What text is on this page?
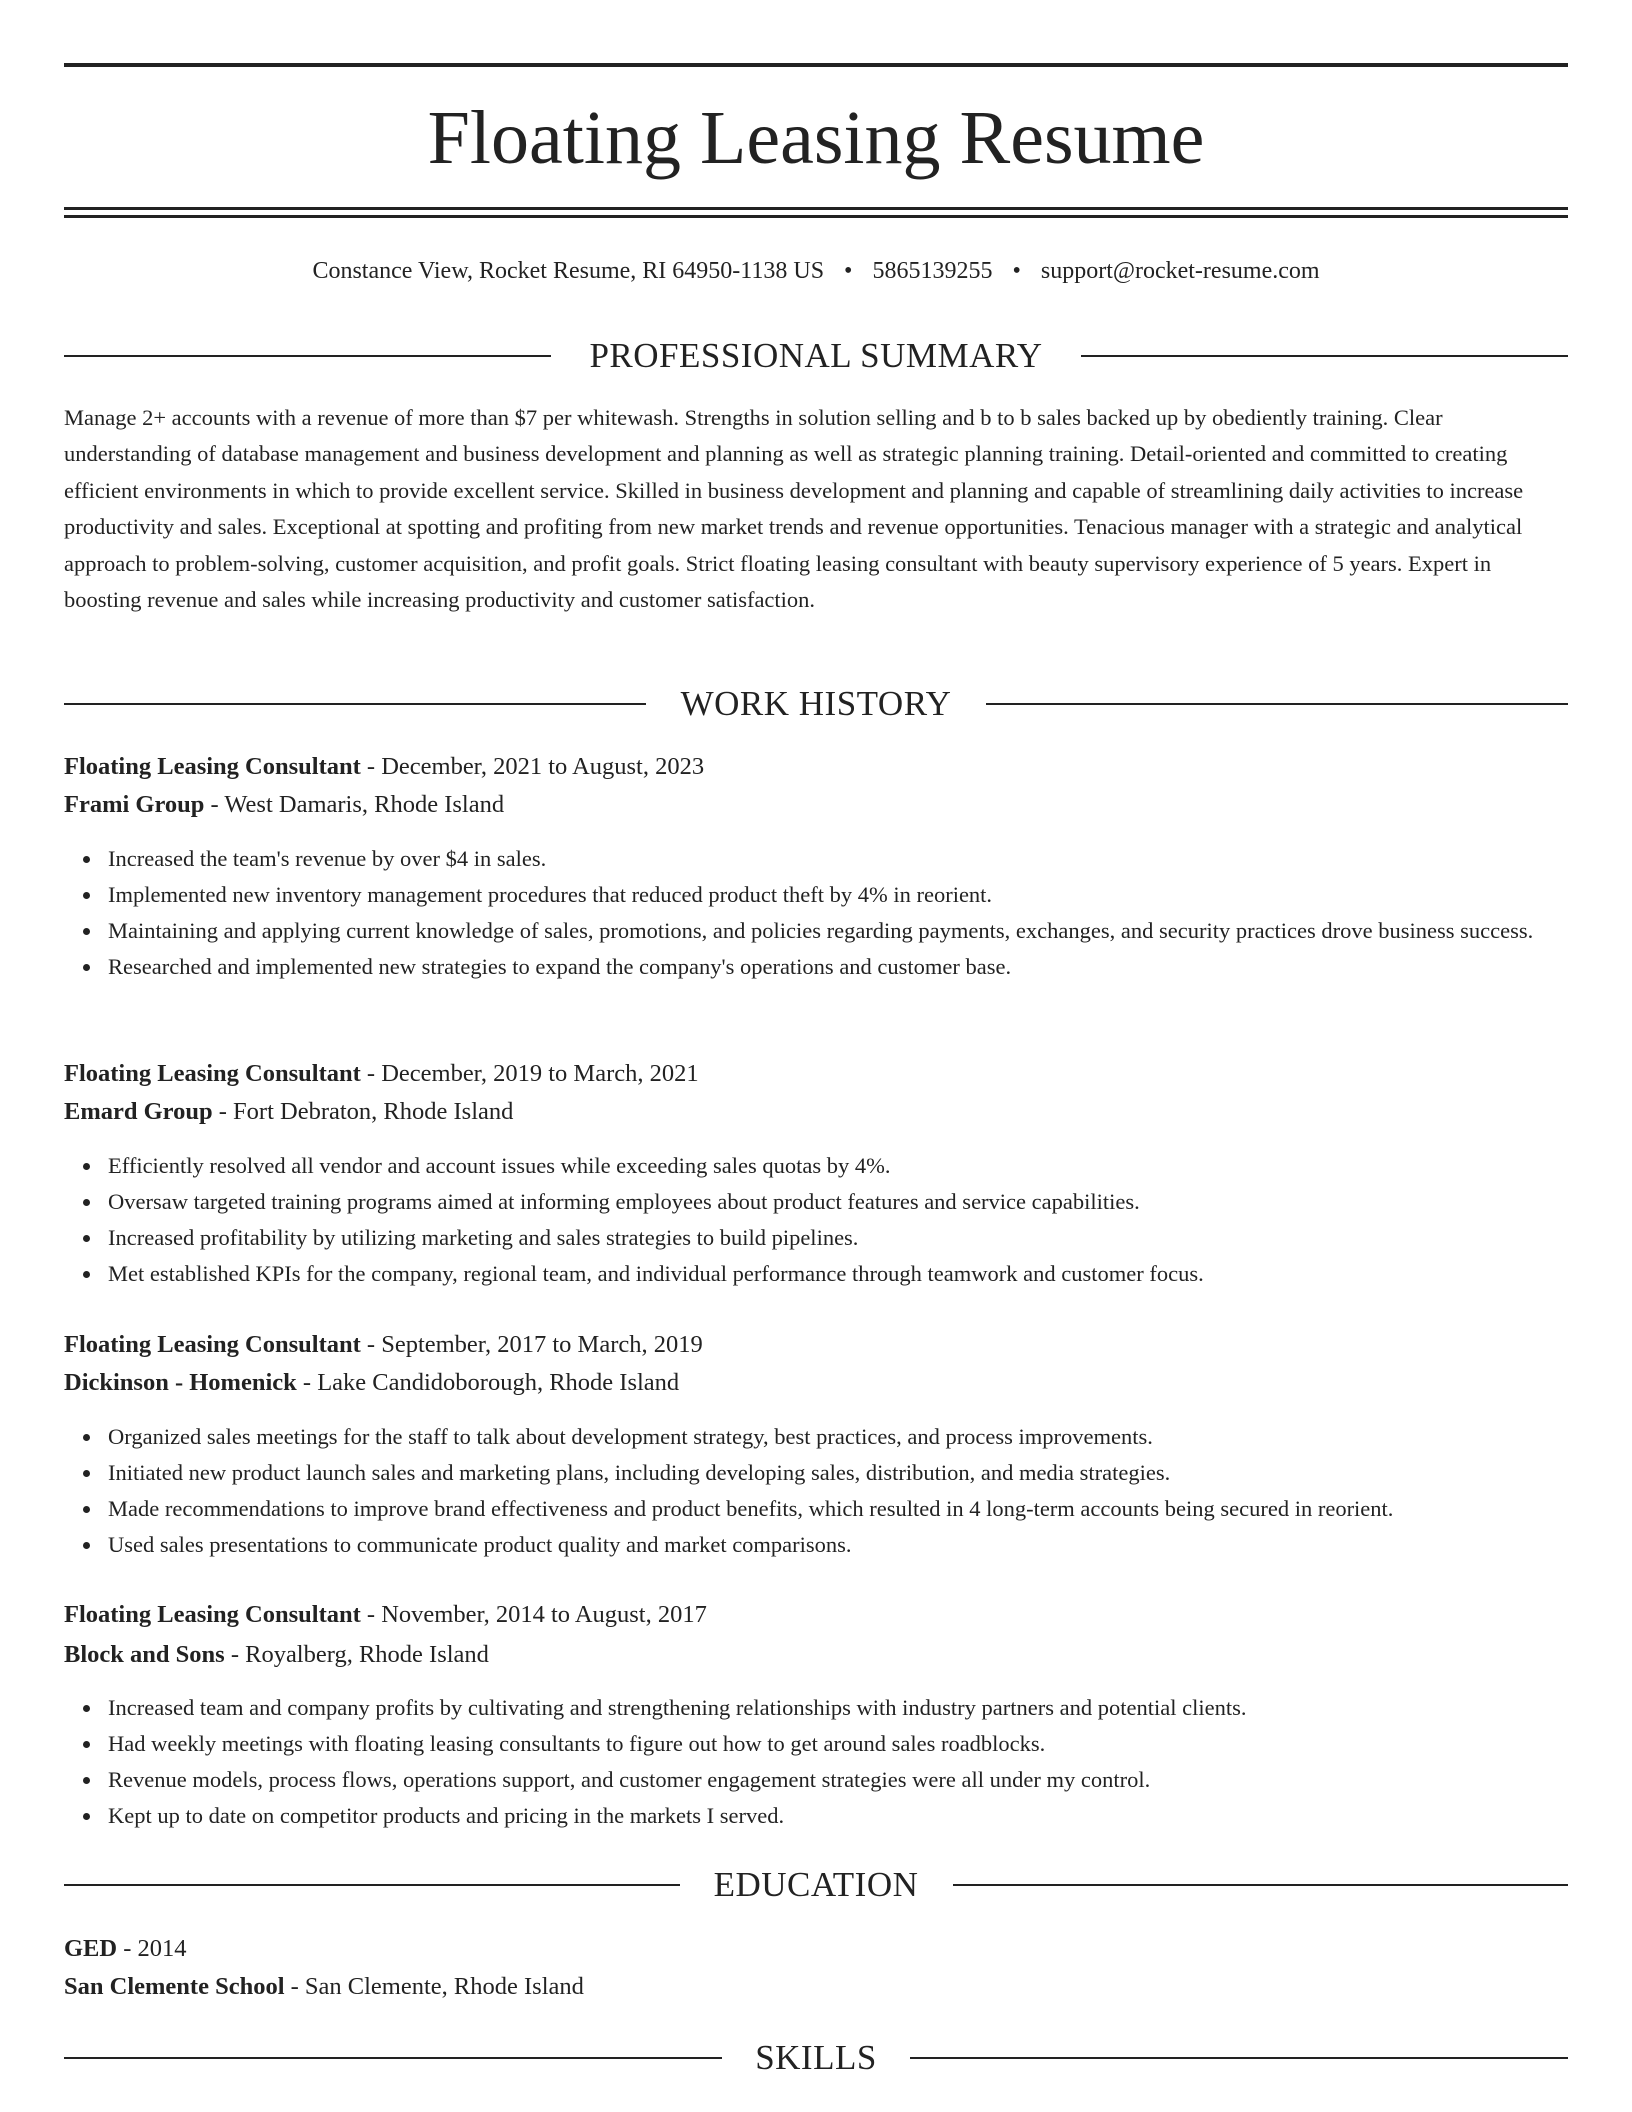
Floating Leasing Resume
Constance View, Rocket Resume, RI 64950-1138 US • 5865139255 • support@rocket-resume.com
PROFESSIONAL SUMMARY

Manage 2+ accounts with a revenue of more than $7 per whitewash. Strengths in solution selling and b to b sales backed up by obediently training. Clear understanding of database management and business development and planning as well as strategic planning training. Detail-oriented and committed to creating efficient environments in which to provide excellent service. Skilled in business development and planning and capable of streamlining daily activities to increase productivity and sales. Exceptional at spotting and profiting from new market trends and revenue opportunities. Tenacious manager with a strategic and analytical approach to problem-solving, customer acquisition, and profit goals. Strict floating leasing consultant with beauty supervisory experience of 5 years. Expert in boosting revenue and sales while increasing productivity and customer satisfaction.

WORK HISTORY
Floating Leasing Consultant - December, 2021 to August, 2023
Frami Group - West Damaris, Rhode Island
Increased the team's revenue by over $4 in sales.
Implemented new inventory management procedures that reduced product theft by 4% in reorient.
Maintaining and applying current knowledge of sales, promotions, and policies regarding payments, exchanges, and security practices drove business success.
Researched and implemented new strategies to expand the company's operations and customer base.
Floating Leasing Consultant - December, 2019 to March, 2021
Emard Group - Fort Debraton, Rhode Island
Efficiently resolved all vendor and account issues while exceeding sales quotas by 4%.
Oversaw targeted training programs aimed at informing employees about product features and service capabilities.
Increased profitability by utilizing marketing and sales strategies to build pipelines.
Met established KPIs for the company, regional team, and individual performance through teamwork and customer focus.
Floating Leasing Consultant - September, 2017 to March, 2019
Dickinson - Homenick - Lake Candidoborough, Rhode Island
Organized sales meetings for the staff to talk about development strategy, best practices, and process improvements.
Initiated new product launch sales and marketing plans, including developing sales, distribution, and media strategies.
Made recommendations to improve brand effectiveness and product benefits, which resulted in 4 long-term accounts being secured in reorient.
Used sales presentations to communicate product quality and market comparisons.
Floating Leasing Consultant - November, 2014 to August, 2017
Block and Sons - Royalberg, Rhode Island
Increased team and company profits by cultivating and strengthening relationships with industry partners and potential clients.
Had weekly meetings with floating leasing consultants to figure out how to get around sales roadblocks.
Revenue models, process flows, operations support, and customer engagement strategies were all under my control.
Kept up to date on competitor products and pricing in the markets I served.
EDUCATION
GED - 2014
San Clemente School - San Clemente, Rhode Island
SKILLS
